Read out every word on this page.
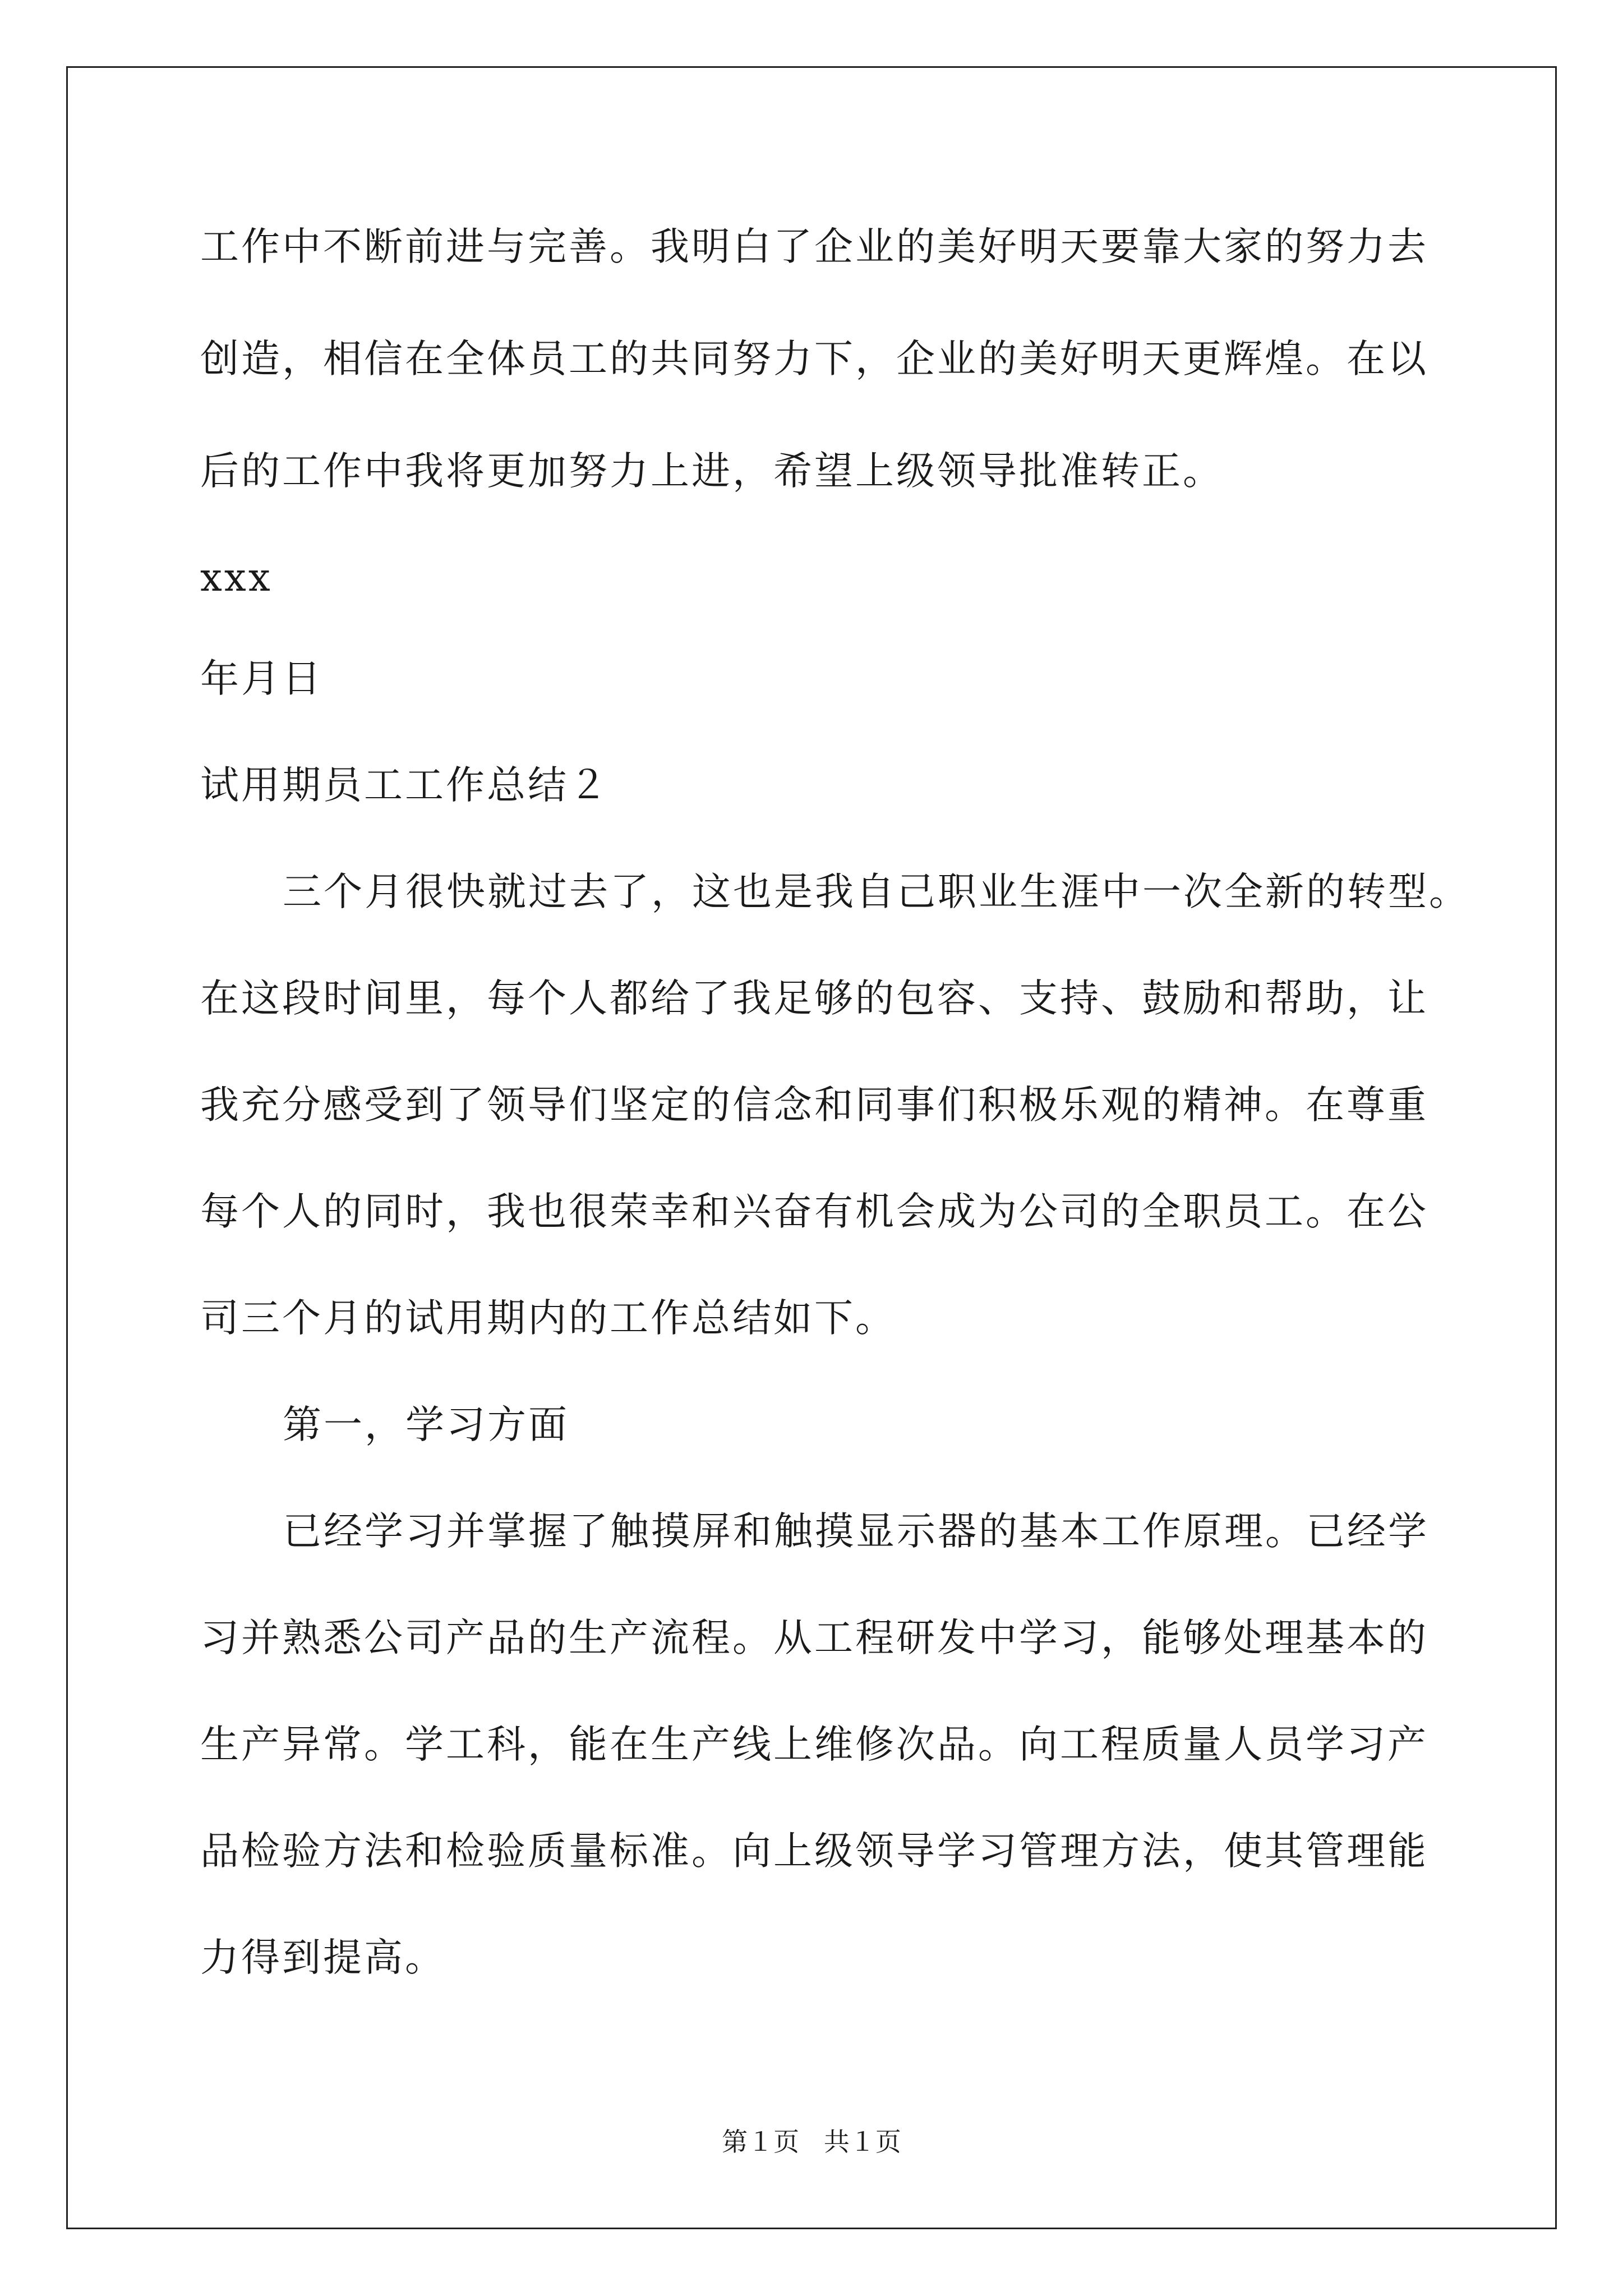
工作中不断前进与完善。我明白了企业的美好明天要靠大家的努力去
创造，相信在全体员工的共同努力下，企业的美好明天更辉煌。在以
后的工作中我将更加努力上进，希望上级领导批准转正。
xxx
年月日
试用期员工工作总结２
三个月很快就过去了，这也是我自己职业生涯中一次全新的转型。
在这段时间里，每个人都给了我足够的包容、支持、鼓励和帮助，让
我充分感受到了领导们坚定的信念和同事们积极乐观的精神。在尊重
每个人的同时，我也很荣幸和兴奋有机会成为公司的全职员工。在公
司三个月的试用期内的工作总结如下。
第一，学习方面
已经学习并掌握了触摸屏和触摸显示器的基本工作原理。已经学
习并熟悉公司产品的生产流程。从工程研发中学习，能够处理基本的
生产异常。学工科，能在生产线上维修次品。向工程质量人员学习产
品检验方法和检验质量标准。向上级领导学习管理方法，使其管理能
力得到提高。
第１页   共１页
